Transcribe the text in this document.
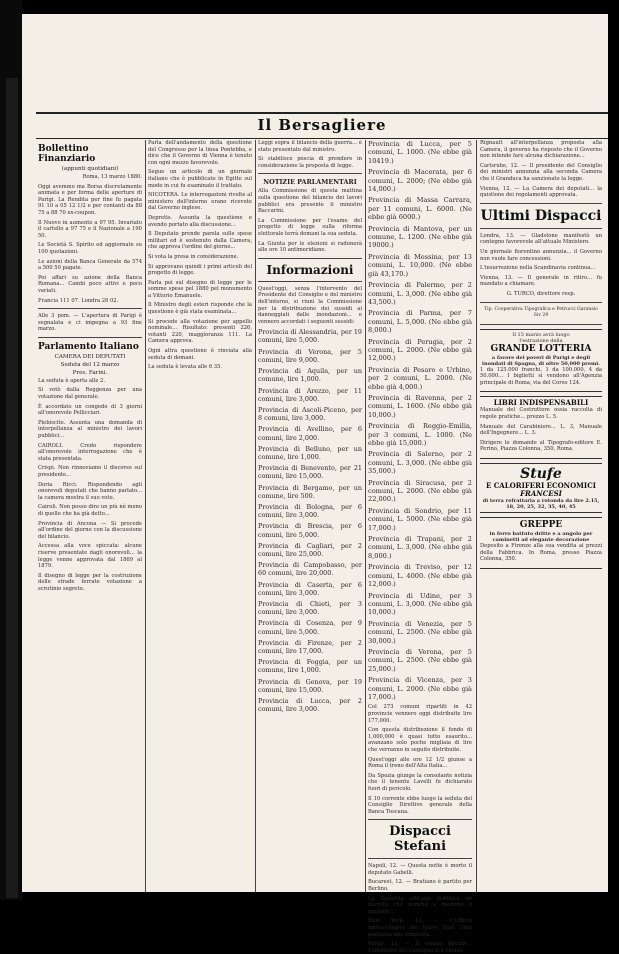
Il Bersagliere
Bollettino Finanziario
(appunti quotidiani)

Roma, 13 marzo 1880.

Oggi avemmo ma Borsa discretamente animata e per forma delle aperture di Parigi. La Rendita per fine fu pagata 91 10 a 05 12 1/2 e per contanti da 88 75 a 88 70 ex-coupon.

Il Nuovo in aumento a 97 95. Invariato il cartello a 97 75 e il Nazionale a 190 50.

Le Società S. Spirito ed aggiornate su 100 quotazioni.

Le azioni della Banca Generale da 574 a 500 50 pagate.

Poi affari su azione della Banca Romana... Cambi poco attivi e poco variati.

Francia 111 07. Londra 28 02.

Alle 3 pom. — L'apertura di Parigi è segnalata e ci impegna a 93 fine marzo.

Parlamento Italiano
CAMERA DEI DEPUTATI
Seduta del 12 marzo
Pres. Farini.

La seduta è aperta alle 2.

Si votò dalla Reggenza per una votazione dal generale.

È accordato un congedo di 3 giorni all'onorevole Pellicciari.

Plebiscito. Assunta una domanda di interpellanza al ministro dei lavori pubblici...

CAIROLI. Credo rispondere all'onorevole interrogazione che è stata presentata.

Crispi. Non rinnoviamo il discorso sul presidente...

Doria Ricci. Rispondendo agli onorevoli deputati che hanno parlato... la camera mostra il suo voto.

Cairoli. Non posso dire un più nè meno di quello che ha già detto...

Provincia di Ancona — Si procede all'ordine del giorno con la discussione del bilancio.

Accessa alla voce spiccata: alcune riserve presentate dagli onorevoli... la legge venne approvata dal 1869 al 1879.

Il disegno di legge per la costruzione delle strade ferrate votazione a scrutinio segreto.

Parla dell'andamento della questione del Congresso per la linea Pontebba, e dice che il Governo di Vienna è tenuto con ogni mezzo favorevole.

Segue un articolo di un giornale italiano che è pubblicato in Egitto sul modo in cui fu esaminato il trattato.

NICOTERA. Le interrogazioni rivolte al ministero dell'interno erano ricevute dal Governo inglese.

Depretis. Assunta la questione e avendo portato alla discussione...

Il Deputato prende parola sulle spese militari ed è sostenuto dalla Camera, che approva l'ordine del giorno...

Si vota la presa in considerazione.

Si approvano quindi i primi articoli del progetto di legge.

Parla poi sul disegno di legge per le somme spese pel 1880 pel monumento a Vittorio Emanuele.

Il Ministro degli esteri risponde che la questione è già stata esaminata...

Si procede alla votazione per appello nominale... Risultato: presenti 226, votanti 220, maggioranza 111. La Camera approva.

Ogni altra questione è rinviata alla seduta di domani.

La seduta è levata alle 6 35.

Leggi sopra il bilancio della guerra... è stato presentato dal ministro.

Si stabilisce poscia di prendere in considerazione la proposta di legge.

NOTIZIE PARLAMENTARI

Alla Commissione di questa mattina sulla questione del bilancio dei lavori pubblici era presente il ministro Baccarini.

La Commissione per l'esame del progetto di legge sulla riforma elettorale terrà domani la sua seduta.

La Giunta per le elezioni si radunerà alle ore 10 antimeridiane.

Informazioni

Quest'oggi, senza l'intervento del Presidente del Consiglio e del ministro dell'interno, si riunì la Commissione per la distribuzione dei sussidi ai danneggiati dalle inondazioni... e vennero accordati i seguenti sussidi:

Provincia di Alessandria, per 19 comuni, lire 5,000.

Provincia di Verona, per 5 comuni, lire 9,000.

Provincia di Aquila, per un comune, lire 1,000.

Provincia di Arezzo, per 11 comuni, lire 3,000.

Provincia di Ascoli-Piceno, per 8 comuni, lire 3,000.

Provincia di Avellino, per 6 comuni, lire 2,000.

Provincia di Belluno, per un comune, lire 1,000.

Provincia di Benevento, per 21 comuni, lire 15,000.

Provincia di Bergamo, per un comune, lire 500.

Provincia di Bologna, per 6 comuni, lire 3,000.

Provincia di Brescia, per 6 comuni, lire 5,000.

Provincia di Cagliari, per 2 comuni, lire 25,000.

Provincia di Campobasso, per 60 comuni, lire 20,000.

Provincia di Caserta, per 6 comuni, lire 3,000.

Provincia di Chieti, per 3 comuni, lire 3,000.

Provincia di Cosenza, per 9 comuni, lire 5,000.

Provincia di Firenze, per 2 comuni, lire 17,000.

Provincia di Foggia, per un comune, lire 1,000.

Provincia di Genova, per 19 comuni, lire 15,000.

Provincia di Lucca, per 2 comuni, lire 3,000.

Provincia di Lucca, per 5 comuni, L. 1000. (Ne ebbe già 10419.)

Provincia di Macerata, per 6 comuni, L. 2000; (Ne ebbe già 14,000.)

Provincia di Massa Carrara, per 11 comuni, L. 6000. (Ne ebbe già 6000.)

Provincia di Mantova, per un comune, L. 1200. (Ne ebbe già 19000.)

Provincia di Messina, per 13 comuni, L. 10,000. (Ne ebbe già 43,170.)

Provincia di Palermo, per 2 comuni, L. 3,000. (Ne ebbe già 43,500.)

Provincia di Parma, per 7 comuni, L. 5,000. (Ne ebbe già 8,000.)

Provincia di Perugia, per 2 comuni, L. 2000. (Ne ebbe già 12,000.)

Provincia di Pesaro e Urbino, per 2 comuni, L. 2000. (Ne ebbe già 4,000.)

Provincia di Ravenna, per 2 comuni, L. 1600. (Ne ebbe già 10,000.)

Provincia di Reggio-Emilia, per 3 comuni, L. 1000. (Ne ebbe già 15,000.)

Provincia di Salerno, per 2 comuni, L. 3,000. (Ne ebbe già 35,000.)

Provincia di Siracusa, per 2 comuni, L. 2000. (Ne ebbe già 22,000.)

Provincia di Sondrio, per 11 comuni, L. 5000. (Ne ebbe già 17,000.)

Provincia di Trapani, per 2 comuni, L. 3,000. (Ne ebbe già 8,000.)

Provincia di Treviso, per 12 comuni, L. 4000. (Ne ebbe già 12,000.)

Provincia di Udine, per 3 comuni, L. 3,000. (Ne ebbe già 10,000.)

Provincia di Venezia, per 5 comuni, L. 2500. (Ne ebbe già 30,000.)

Provincia di Verona, per 5 comuni, L. 2500. (Ne ebbe già 25,000.)

Provincia di Vicenza, per 3 comuni, L. 2000. (Ne ebbe già 17,000.)

Col 273 comuni ripartiti in 42 provincie vennero oggi distribuite lire 177,000.

Con questa distribuzione il fondo di 1,000,000 è quasi tutto esaurito... avanzano solo poche migliaia di lire che verranno in seguito distribuite.

Quest'oggi alle ore 12 1/2 giunse a Roma il treno dell'Alta Italia...

Da Spezia giunge la consolante notizia che il tenente Lavelli fu dichiarato fuori di pericolo.

Il 10 corrente ebbe luogo la seduta del Consiglio Direttivo generale della Banca Toscana.

Dispacci Stefani

Napoli, 12. — Questa notte è morto il deputato Gabelli.

Bucarest, 12. — Bratiano è partito per Berlino.

La Gazzetta ufficiale pubblica un decreto che nomina a membro il ministro...

New York, 12. — L'Ufficio meteorologico dei Nuovi Stati Uniti annunzia una tempesta...

Parigi, 12. — Il senato discute... L'incidente del Consiglio si è chiuso.

Rignault all'interpellanza proposta alla Camera, il governo ha risposto che il Governo non intende fare alcuna dichiarazione...

Carlsruhe, 12. — Il presidente del Consiglio dei ministri annunzia alla seconda Camera che il Granduca ha sanzionato la legge.

Vienna, 12. — La Camera dei deputati... la quistione dei regolamenti approvata.

Ultimi Dispacci

Londra, 13. — Gladstone manifestò un contegno favorevole all'attuale Ministero.

Un giornale fiorentino annunzia... il Governo non vuole fare concessioni.

L'insurrezione nella Scandinavia continua...

Vienna, 13. — Il generale in ritiro... fu mandato a chiamare.

G. TURCO, direttore resp.

Tip. Cooperativa Tipografica e Petrucci Garansio Siv 29

Il 15 marzo avrà luogo
l'estrazione della
GRANDE LOTTERIA
a favore dei poveri di Parigi e degli inondati di Spagna, di oltre 50,000 premi.

1 da 125.000 franchi, 1 da 100.000, 4 da 50.000... I biglietti si vendono all'Agenzia principale di Roma, via del Corso 124.

LIBRI INDISPENSABILI

Manuale del Costruttore ossia raccolta di regole pratiche... prezzo L. 5.

Manuale del Carabiniere... L. 3, Manuale dell'Ingegnere... L. 3.

Dirigere le domande al Tipografo-editore E. Perino, Piazza Colonna, 350, Roma.

Stufe
E CALORIFERI ECONOMICI
FRANCESI
di terra refrattaria a rotonda da lire 2.15, 18, 20, 25, 32, 35, 40, 45
GREPPE
in ferro battuto dritte e a angolo per caminetti ad elegante decorazione

Deposito a Firenze alla sua vendita ai prezzi della Fabbrica. In Roma, presso Piazza Colonna, 350.
